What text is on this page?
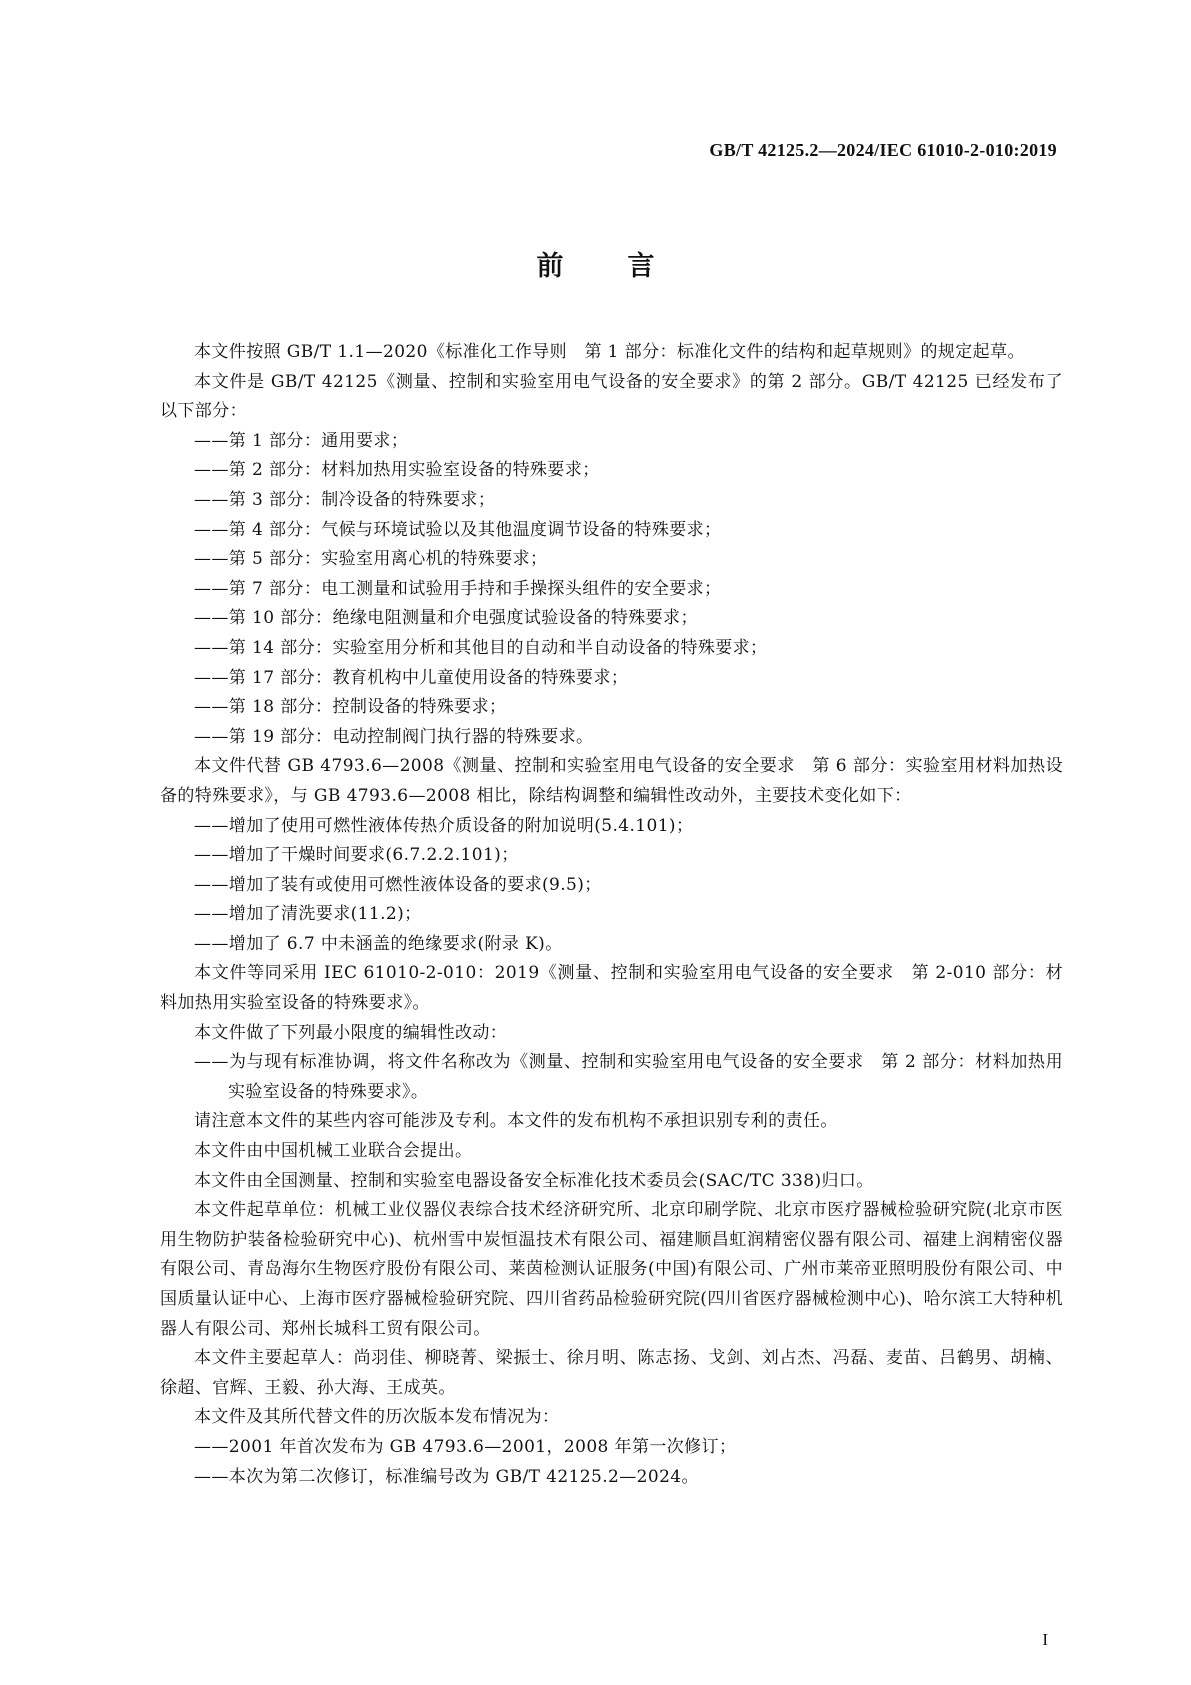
GB/T 42125.2—2024/IEC 61010-2-010:2019
前 言

本文件按照 GB/T 1.1—2020《标准化工作导则　第 1 部分：标准化文件的结构和起草规则》的规定起草。

本文件是 GB/T 42125《测量、控制和实验室用电气设备的安全要求》的第 2 部分。GB/T 42125 已经发布了以下部分：

——第 1 部分：通用要求；

——第 2 部分：材料加热用实验室设备的特殊要求；

——第 3 部分：制冷设备的特殊要求；

——第 4 部分：气候与环境试验以及其他温度调节设备的特殊要求；

——第 5 部分：实验室用离心机的特殊要求；

——第 7 部分：电工测量和试验用手持和手操探头组件的安全要求；

——第 10 部分：绝缘电阻测量和介电强度试验设备的特殊要求；

——第 14 部分：实验室用分析和其他目的自动和半自动设备的特殊要求；

——第 17 部分：教育机构中儿童使用设备的特殊要求；

——第 18 部分：控制设备的特殊要求；

——第 19 部分：电动控制阀门执行器的特殊要求。

本文件代替 GB 4793.6—2008《测量、控制和实验室用电气设备的安全要求　第 6 部分：实验室用材料加热设备的特殊要求》，与 GB 4793.6—2008 相比，除结构调整和编辑性改动外，主要技术变化如下：

——增加了使用可燃性液体传热介质设备的附加说明(5.4.101)；

——增加了干燥时间要求(6.7.2.2.101)；

——增加了装有或使用可燃性液体设备的要求(9.5)；

——增加了清洗要求(11.2)；

——增加了 6.7 中未涵盖的绝缘要求(附录 K)。

本文件等同采用 IEC 61010-2-010：2019《测量、控制和实验室用电气设备的安全要求　第 2-010 部分：材料加热用实验室设备的特殊要求》。

本文件做了下列最小限度的编辑性改动：

——为与现有标准协调，将文件名称改为《测量、控制和实验室用电气设备的安全要求　第 2 部分：材料加热用实验室设备的特殊要求》。

请注意本文件的某些内容可能涉及专利。本文件的发布机构不承担识别专利的责任。

本文件由中国机械工业联合会提出。

本文件由全国测量、控制和实验室电器设备安全标准化技术委员会(SAC/TC 338)归口。

本文件起草单位：机械工业仪器仪表综合技术经济研究所、北京印刷学院、北京市医疗器械检验研究院(北京市医用生物防护装备检验研究中心)、杭州雪中炭恒温技术有限公司、福建顺昌虹润精密仪器有限公司、福建上润精密仪器有限公司、青岛海尔生物医疗股份有限公司、莱茵检测认证服务(中国)有限公司、广州市莱帝亚照明股份有限公司、中国质量认证中心、上海市医疗器械检验研究院、四川省药品检验研究院(四川省医疗器械检测中心)、哈尔滨工大特种机器人有限公司、郑州长城科工贸有限公司。

本文件主要起草人：尚羽佳、柳晓菁、梁振士、徐月明、陈志扬、戈剑、刘占杰、冯磊、麦苗、吕鹤男、胡楠、徐超、官辉、王毅、孙大海、王成英。

本文件及其所代替文件的历次版本发布情况为：

——2001 年首次发布为 GB 4793.6—2001，2008 年第一次修订；

——本次为第二次修订，标准编号改为 GB/T 42125.2—2024。

I
